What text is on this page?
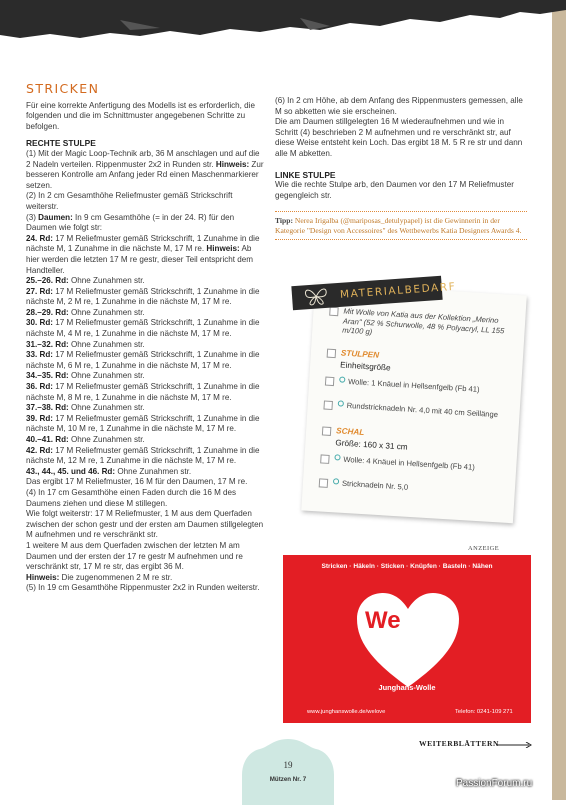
STRICKEN

Für eine korrekte Anfertigung des Modells ist es erforderlich, die folgenden und die im Schnittmuster angegebenen Schritte zu befolgen.

RECHTE STULPE

(1) Mit der Magic Loop-Technik arb, 36 M anschlagen und auf die 2 Nadeln verteilen. Rippenmuster 2x2 in Runden str. Hinweis: Zur besseren Kontrolle am Anfang jeder Rd einen Maschenmarkierer setzen.

(2) In 2 cm Gesamthöhe Reliefmuster gemäß Strickschrift weiterstr.

(3) Daumen: In 9 cm Gesamthöhe (= in der 24. R) für den Daumen wie folgt str:

24. Rd: 17 M Reliefmuster gemäß Strickschrift, 1 Zunahme in die nächste M, 1 Zunahme in die nächste M, 17 M re. Hinweis: Ab hier werden die letzten 17 M re gestr, dieser Teil entspricht dem Handteller.

25.–26. Rd: Ohne Zunahmen str.

27. Rd: 17 M Reliefmuster gemäß Strickschrift, 1 Zunahme in die nächste M, 2 M re, 1 Zunahme in die nächste M, 17 M re.

28.–29. Rd: Ohne Zunahmen str.

30. Rd: 17 M Reliefmuster gemäß Strickschrift, 1 Zunahme in die nächste M, 4 M re, 1 Zunahme in die nächste M, 17 M re.

31.–32. Rd: Ohne Zunahmen str.

33. Rd: 17 M Reliefmuster gemäß Strickschrift, 1 Zunahme in die nächste M, 6 M re, 1 Zunahme in die nächste M, 17 M re.

34.–35. Rd: Ohne Zunahmen str.

36. Rd: 17 M Reliefmuster gemäß Strickschrift, 1 Zunahme in die nächste M, 8 M re, 1 Zunahme in die nächste M, 17 M re.

37.–38. Rd: Ohne Zunahmen str.

39. Rd: 17 M Reliefmuster gemäß Strickschrift, 1 Zunahme in die nächste M, 10 M re, 1 Zunahme in die nächste M, 17 M re.

40.–41. Rd: Ohne Zunahmen str.

42. Rd: 17 M Reliefmuster gemäß Strickschrift, 1 Zunahme in die nächste M, 12 M re, 1 Zunahme in die nächste M, 17 M re.

43., 44., 45. und 46. Rd: Ohne Zunahmen str.

Das ergibt 17 M Reliefmuster, 16 M für den Daumen, 17 M re.

(4) In 17 cm Gesamthöhe einen Faden durch die 16 M des Daumens ziehen und diese M stillegen.

Wie folgt weiterstr: 17 M Reliefmuster, 1 M aus dem Querfaden zwischen der schon gestr und der ersten am Daumen stillgelegten M aufnehmen und re verschränkt str.

1 weitere M aus dem Querfaden zwischen der letzten M am Daumen und der ersten der 17 re gestr M aufnehmen und re verschränkt str, 17 M re str, das ergibt 36 M.

Hinweis: Die zugenommenen 2 M re str.

(5) In 19 cm Gesamthöhe Rippenmuster 2x2 in Runden weiterstr.

(6) In 2 cm Höhe, ab dem Anfang des Rippenmusters gemessen, alle M so abketten wie sie erscheinen.

Die am Daumen stillgelegten 16 M wiederaufnehmen und wie in Schritt (4) beschrieben 2 M aufnehmen und re verschränkt str, auf diese Weise entsteht kein Loch. Das ergibt 18 M. 5 R re str und dann alle M abketten.

LINKE STULPE

Wie die rechte Stulpe arb, den Daumen vor den 17 M Reliefmuster gegengleich str.

Tipp: Nerea Irigalba (@mariposas_detulypapel) ist die Gewinnerin in der Kategorie "Design von Accessoires" des Wettbewerbs Katia Designers Awards 4.
Mit Wolle von Katia aus der Kollektion „Merino Aran" (52 % Schurwolle, 48 % Polyacryl, LL 155 m/100 g)
STULPEN
Einheitsgröße
Wolle: 1 Knäuel in Hellsenfgelb (Fb 41)
Rundstricknadeln Nr. 4,0 mit 40 cm Seillänge
SCHAL
Größe: 160 x 31 cm
Wolle: 4 Knäuel in Hellsenfgelb (Fb 41)
Stricknadeln Nr. 5,0
MATERIALBEDARF
ANZEIGE
Stricken · Häkeln · Sticken · Knüpfen · Basteln · Nähen
We
Junghans-Wolle
www.junghanswolle.de/welove	Telefon: 0241-109 271
19
Mützen Nr. 7
WEITERBLÄTTERN
PassionForum.ru
